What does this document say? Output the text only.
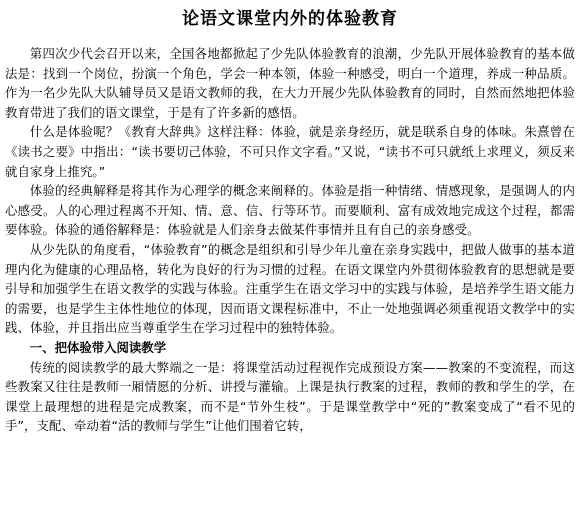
论语文课堂内外的体验教育

第四次少代会召开以来，全国各地都掀起了少先队体验教育的浪潮，少先队开展体验教育的基本做法是：找到一个岗位，扮演一个角色，学会一种本领，体验一种感受，明白一个道理，养成一种品质。作为一名少先队大队辅导员又是语文教师的我，在大力开展少先队体验教育的同时，自然而然地把体验教育带进了我们的语文课堂，于是有了许多新的感悟。

什么是体验呢？《教育大辞典》这样注释：体验，就是亲身经历，就是联系自身的体味。朱熹曾在《读书之要》中指出：“读书要切己体验，不可只作文字看。”又说，“读书不可只就纸上求理义，须反来就自家身上推究。”

体验的经典解释是将其作为心理学的概念来阐释的。体验是指一种情绪、情感现象，是强调人的内心感受。人的心理过程离不开知、情、意、信、行等环节。而要顺利、富有成效地完成这个过程，都需要体验。体验的通俗解释是：体验就是人们亲身去做某件事情并且有自己的亲身感受。

从少先队的角度看，“体验教育”的概念是组织和引导少年儿童在亲身实践中，把做人做事的基本道理内化为健康的心理品格，转化为良好的行为习惯的过程。在语文课堂内外贯彻体验教育的思想就是要引导和加强学生在语文教学的实践与体验。注重学生在语文学习中的实践与体验，是培养学生语文能力的需要，也是学生主体性地位的体现，因而语文课程标准中，不止一处地强调必须重视语文教学中的实践、体验，并且指出应当尊重学生在学习过程中的独特体验。

一、把体验带入阅读教学

传统的阅读教学的最大弊端之一是：将课堂活动过程视作完成预设方案——教案的不变流程，而这些教案又往往是教师一厢情愿的分析、讲授与灌输。上课是执行教案的过程，教师的教和学生的学，在课堂上最理想的进程是完成教案，而不是“节外生枝”。于是课堂教学中“死的”教案变成了“看不见的手”，支配、牵动着“活的教师与学生”让他们围着它转，
